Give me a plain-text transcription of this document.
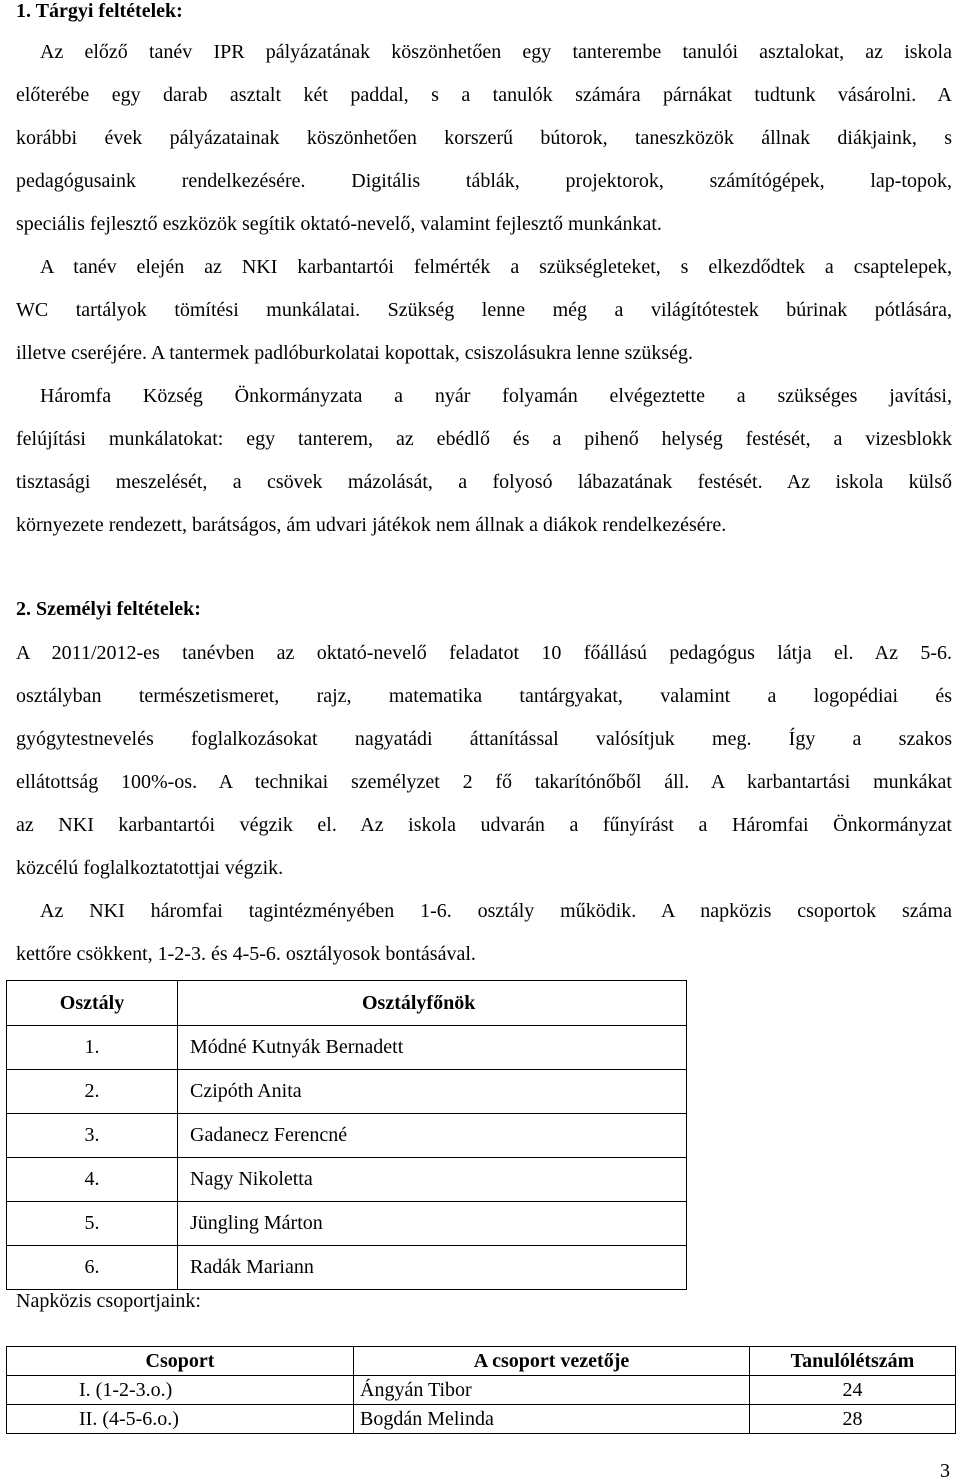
1. Tárgyi feltételek:
Az előző tanév IPR pályázatának köszönhetően egy tanterembe tanulói asztalokat, az iskola
előterébe egy darab asztalt két paddal, s a tanulók számára párnákat tudtunk vásárolni. A
korábbi évek pályázatainak köszönhetően korszerű bútorok, taneszközök állnak diákjaink, s
pedagógusaink rendelkezésére. Digitális táblák, projektorok, számítógépek, lap-topok,
speciális fejlesztő eszközök segítik oktató-nevelő, valamint fejlesztő munkánkat.
A tanév elején az NKI karbantartói felmérték a szükségleteket, s elkezdődtek a csaptelepek,
WC tartályok tömítési munkálatai. Szükség lenne még a világítótestek búrinak pótlására,
illetve cseréjére. A tantermek padlóburkolatai kopottak, csiszolásukra lenne szükség.
Háromfa Község Önkormányzata a nyár folyamán elvégeztette a szükséges javítási,
felújítási munkálatokat: egy tanterem, az ebédlő és a pihenő helység festését, a vizesblokk
tisztasági meszelését, a csövek mázolását, a folyosó lábazatának festését. Az iskola külső
környezete rendezett, barátságos, ám udvari játékok nem állnak a diákok rendelkezésére.
2. Személyi feltételek:
A 2011/2012-es tanévben az oktató-nevelő feladatot 10 főállású pedagógus látja el. Az 5-6.
osztályban természetismeret, rajz, matematika tantárgyakat, valamint a logopédiai és
gyógytestnevelés foglalkozásokat nagyatádi áttanítással valósítjuk meg. Így a szakos
ellátottság 100%-os. A technikai személyzet 2 fő takarítónőből áll. A karbantartási munkákat
az NKI karbantartói végzik el. Az iskola udvarán a fűnyírást a Háromfai Önkormányzat
közcélú foglalkoztatottjai végzik.
Az NKI háromfai tagintézményében 1-6. osztály működik. A napközis csoportok száma
kettőre csökkent, 1-2-3. és 4-5-6. osztályosok bontásával.
Osztály	Osztályfőnök
1.	Módné Kutnyák Bernadett
2.	Czipóth Anita
3.	Gadanecz Ferencné
4.	Nagy Nikoletta
5.	Jüngling Márton
6.	Radák Mariann
Napközis csoportjaink:
Csoport	A csoport vezetője	Tanulólétszám
I. (1-2-3.o.)	Ángyán Tibor	24
II. (4-5-6.o.)	Bogdán Melinda	28
3
